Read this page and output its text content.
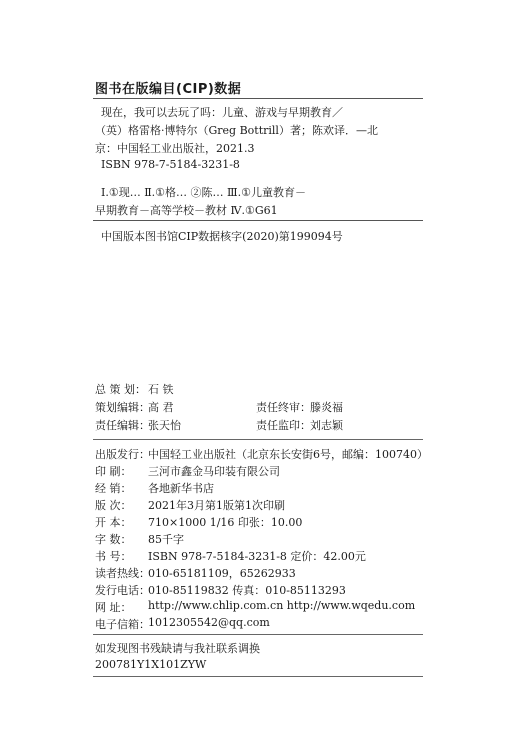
图书在版编目(CIP)数据
现在，我可以去玩了吗：儿童、游戏与早期教育／
（英）格雷格·博特尔（Greg Bottrill）著；陈欢译．—北
京：中国轻工业出版社，2021.3
ISBN 978-7-5184-3231-8
Ⅰ.①现… Ⅱ.①格… ②陈… Ⅲ.①儿童教育－
早期教育－高等学校－教材 Ⅳ.①G61
中国版本图书馆CIP数据核字(2020)第199094号
总 策 划： 石 铁
策划编辑：
高 君	责任终审： 滕炎福
责任编辑：
张天怡	责任监印： 刘志颖
出版发行：
中国轻工业出版社（北京东长安街6号，邮编：100740）
印 刷： 三河市鑫金马印装有限公司
经 销： 各地新华书店
版 次： 2021年3月第1版第1次印刷
开 本： 710×1000 1/16 印张：10.00
字 数： 85千字
书 号： ISBN 978-7-5184-3231-8 定价：42.00元
读者热线：
010-65181109，65262933
发行电话：
010-85119832 传真：010-85113293
网 址： http://www.chlip.com.cn http://www.wqedu.com
电子信箱：
1012305542@qq.com
如发现图书残缺请与我社联系调换
200781Y1X101ZYW
